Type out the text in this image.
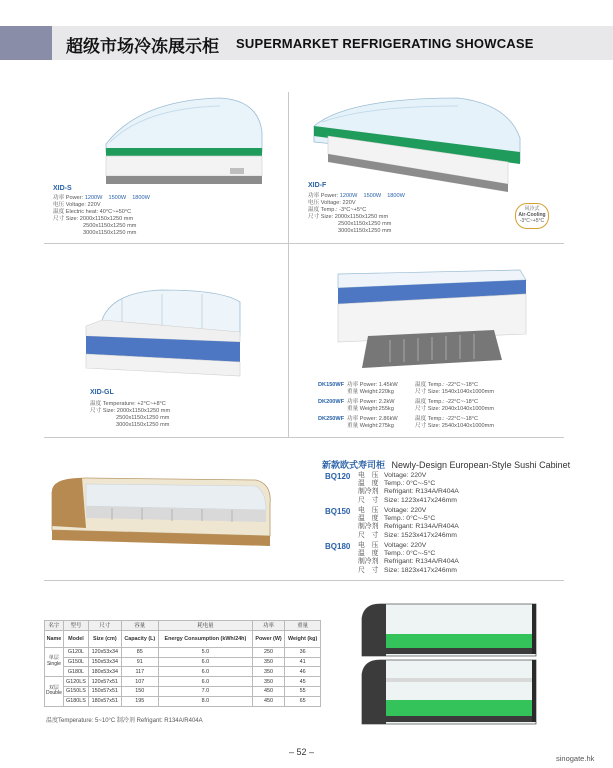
超级市场冷冻展示柜 SUPERMARKET REFRIGERATING SHOWCASE
XID-S
功率 Power: 1200W 1500W 1800W
电压 Voltage: 220V
温度 Electric heat: 40°C~+50°C
尺寸 Size: 2000x1150x1250 mm
2500x1150x1250 mm
3000x1150x1250 mm
XID-F
功率 Power: 1200W 1500W 1800W
电压 Voltage: 220V
温度 Temp.: -3°C~+5°C
尺寸 Size: 2000x1150x1250 mm
2500x1150x1250 mm
3000x1150x1250 mm
风冷式
Air-Cooling
-3°C~+5°C
XID-GL
温度 Temperature: +2°C~+8°C
尺寸 Size: 2000x1150x1250 mm
2500x1150x1250 mm
3000x1150x1250 mm
DK150WF 功率 Power: 1.45kW
重量 Weight:220kg
温度 Temp.: -22°C~-18°C
尺寸 Size: 1540x1040x1000mm
DK200WF 功率 Power: 2.2kW
重量 Weight:255kg
温度 Temp.: -22°C~-18°C
尺寸 Size: 2040x1040x1000mm
DK250WF 功率 Power: 2.86kW
重量 Weight:275kg
温度 Temp.: -22°C~-18°C
尺寸 Size: 2540x1040x1000mm
新款欧式寿司柜 Newly-Design European-Style Sushi Cabinet
BQ120 电　压 Voltage: 220V
温　度 Temp.: 0°C~-5°C
制冷剂 Refrigant: R134A/R404A
尺　寸 Size: 1223x417x246mm
BQ150 电　压 Voltage: 220V
温　度 Temp.: 0°C~-5°C
制冷剂 Refrigant: R134A/R404A
尺　寸 Size: 1523x417x246mm
BQ180 电　压 Voltage: 220V
温　度 Temp.: 0°C~-5°C
制冷剂 Refrigant: R134A/R404A
尺　寸 Size: 1823x417x246mm
名字	型号	尺寸	容量	耗电量	功率	重量
Name	Model	Size (cm)	Capacity (L)	Energy Consumption (kWh/24h)	Power (W)	Weight (kg)
单层 Single	G120L	120x53x34	85	5.0	250	36
	G150L	150x53x34	91	6.0	350	41
	G180L	180x53x34	117	6.0	350	46
双层 Double	G120LS	120x57x51	107	6.0	350	45
	G150LS	150x57x51	150	7.0	450	55
	G180LS	180x57x51	195	8.0	450	65
温度Temperature: 5~10°C 制冷剂 Refrigant: R134A/R404A
– 52 –
sinogate.hk
